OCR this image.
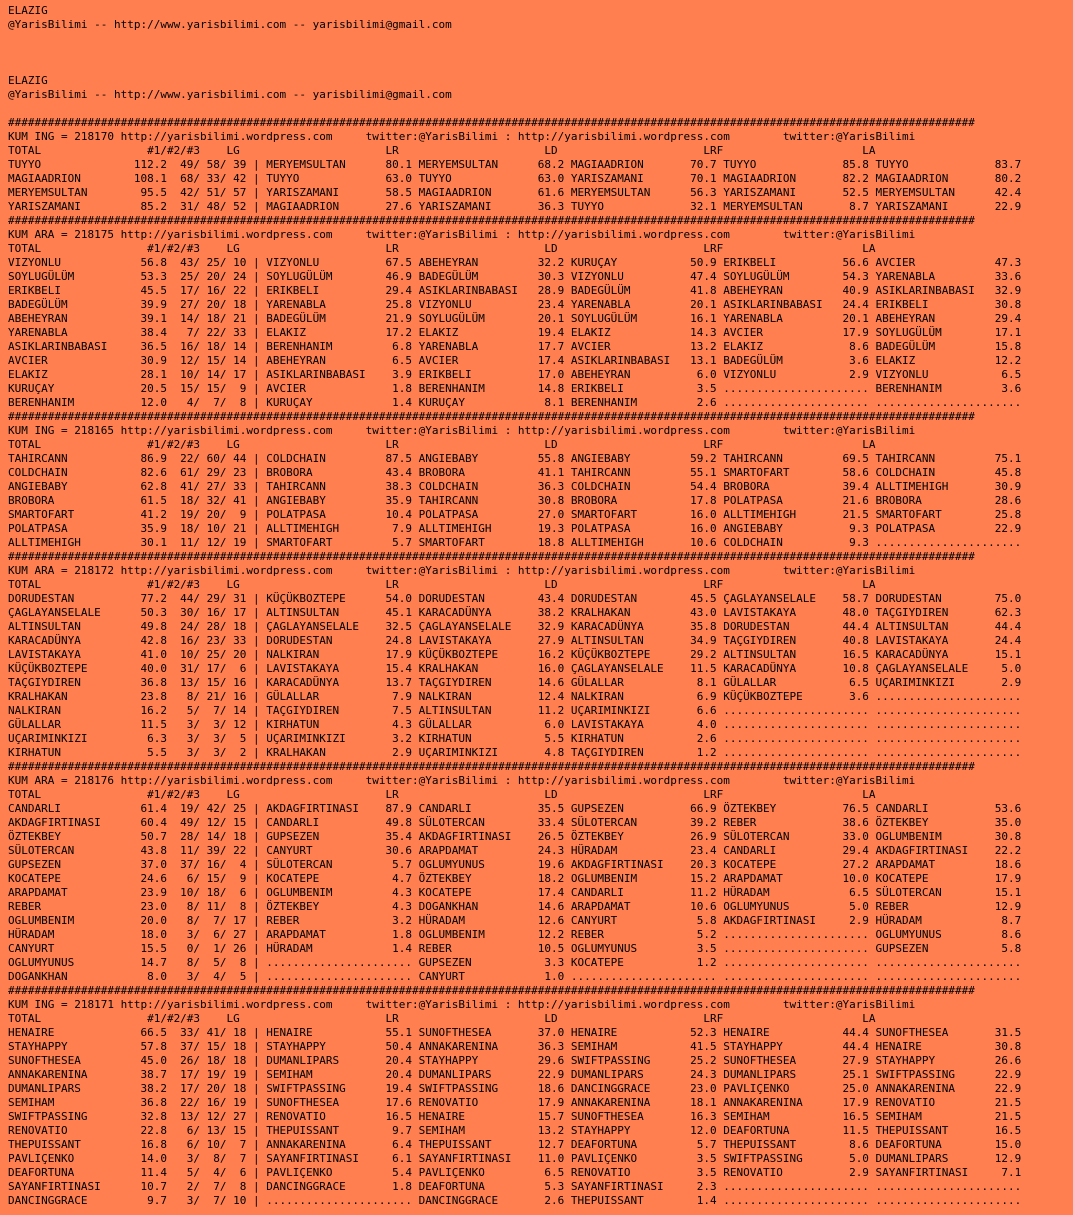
ELAZIG
@YarisBilimi -- http://www.yarisbilimi.com -- yarisbilimi@gmail.com
ELAZIG
@YarisBilimi -- http://www.yarisbilimi.com -- yarisbilimi@gmail.com
##################################################################################################################################################
KUM ING = 218170 http://yarisbilimi.wordpress.com     twitter:@YarisBilimi : http://yarisbilimi.wordpress.com        twitter:@YarisBilimi
TOTAL                #1/#2/#3    LG                      LR                      LD                      LRF                     LA
TUYYO              112.2  49/ 58/ 39 | MERYEMSULTAN      80.1 MERYEMSULTAN      68.2 MAGIAADRION       70.7 TUYYO             85.8 TUYYO             83.7
MAGIAADRION        108.1  68/ 33/ 42 | TUYYO             63.0 TUYYO             63.0 YARISZAMANI       70.1 MAGIAADRION       82.2 MAGIAADRION       80.2
MERYEMSULTAN        95.5  42/ 51/ 57 | YARISZAMANI       58.5 MAGIAADRION       61.6 MERYEMSULTAN      56.3 YARISZAMANI       52.5 MERYEMSULTAN      42.4
YARISZAMANI         85.2  31/ 48/ 52 | MAGIAADRION       27.6 YARISZAMANI       36.3 TUYYO             32.1 MERYEMSULTAN       8.7 YARISZAMANI       22.9
##################################################################################################################################################
KUM ARA = 218175 http://yarisbilimi.wordpress.com     twitter:@YarisBilimi : http://yarisbilimi.wordpress.com        twitter:@YarisBilimi
TOTAL                #1/#2/#3    LG                      LR                      LD                      LRF                     LA
VIZYONLU            56.8  43/ 25/ 10 | VIZYONLU          67.5 ABEHEYRAN         32.2 KURUÇAY           50.9 ERIKBELI          56.6 AVCIER            47.3
SOYLUGÜLÜM          53.3  25/ 20/ 24 | SOYLUGÜLÜM        46.9 BADEGÜLÜM         30.3 VIZYONLU          47.4 SOYLUGÜLÜM        54.3 YARENABLA         33.6
ERIKBELI            45.5  17/ 16/ 22 | ERIKBELI          29.4 ASIKLARINBABASI   28.9 BADEGÜLÜM         41.8 ABEHEYRAN         40.9 ASIKLARINBABASI   32.9
BADEGÜLÜM           39.9  27/ 20/ 18 | YARENABLA         25.8 VIZYONLU          23.4 YARENABLA         20.1 ASIKLARINBABASI   24.4 ERIKBELI          30.8
ABEHEYRAN           39.1  14/ 18/ 21 | BADEGÜLÜM         21.9 SOYLUGÜLÜM        20.1 SOYLUGÜLÜM        16.1 YARENABLA         20.1 ABEHEYRAN         29.4
YARENABLA           38.4   7/ 22/ 33 | ELAKIZ            17.2 ELAKIZ            19.4 ELAKIZ            14.3 AVCIER            17.9 SOYLUGÜLÜM        17.1
ASIKLARINBABASI     36.5  16/ 18/ 14 | BERENHANIM         6.8 YARENABLA         17.7 AVCIER            13.2 ELAKIZ             8.6 BADEGÜLÜM         15.8
AVCIER              30.9  12/ 15/ 14 | ABEHEYRAN          6.5 AVCIER            17.4 ASIKLARINBABASI   13.1 BADEGÜLÜM          3.6 ELAKIZ            12.2
ELAKIZ              28.1  10/ 14/ 17 | ASIKLARINBABASI    3.9 ERIKBELI          17.0 ABEHEYRAN          6.0 VIZYONLU           2.9 VIZYONLU           6.5
KURUÇAY             20.5  15/ 15/  9 | AVCIER             1.8 BERENHANIM        14.8 ERIKBELI           3.5 ...................... BERENHANIM         3.6
BERENHANIM          12.0   4/  7/  8 | KURUÇAY            1.4 KURUÇAY            8.1 BERENHANIM         2.6 ...................... ......................
##################################################################################################################################################
KUM ING = 218165 http://yarisbilimi.wordpress.com     twitter:@YarisBilimi : http://yarisbilimi.wordpress.com        twitter:@YarisBilimi
TOTAL                #1/#2/#3    LG                      LR                      LD                      LRF                     LA
TAHIRCANN           86.9  22/ 60/ 44 | COLDCHAIN         87.5 ANGIEBABY         55.8 ANGIEBABY         59.2 TAHIRCANN         69.5 TAHIRCANN         75.1
COLDCHAIN           82.6  61/ 29/ 23 | BROBORA           43.4 BROBORA           41.1 TAHIRCANN         55.1 SMARTOFART        58.6 COLDCHAIN         45.8
ANGIEBABY           62.8  41/ 27/ 33 | TAHIRCANN         38.3 COLDCHAIN         36.3 COLDCHAIN         54.4 BROBORA           39.4 ALLTIMEHIGH       30.9
BROBORA             61.5  18/ 32/ 41 | ANGIEBABY         35.9 TAHIRCANN         30.8 BROBORA           17.8 POLATPASA         21.6 BROBORA           28.6
SMARTOFART          41.2  19/ 20/  9 | POLATPASA         10.4 POLATPASA         27.0 SMARTOFART        16.0 ALLTIMEHIGH       21.5 SMARTOFART        25.8
POLATPASA           35.9  18/ 10/ 21 | ALLTIMEHIGH        7.9 ALLTIMEHIGH       19.3 POLATPASA         16.0 ANGIEBABY          9.3 POLATPASA         22.9
ALLTIMEHIGH         30.1  11/ 12/ 19 | SMARTOFART         5.7 SMARTOFART        18.8 ALLTIMEHIGH       10.6 COLDCHAIN          9.3 ......................
##################################################################################################################################################
KUM ARA = 218172 http://yarisbilimi.wordpress.com     twitter:@YarisBilimi : http://yarisbilimi.wordpress.com        twitter:@YarisBilimi
TOTAL                #1/#2/#3    LG                      LR                      LD                      LRF                     LA
DORUDESTAN          77.2  44/ 29/ 31 | KÜÇÜKBOZTEPE      54.0 DORUDESTAN        43.4 DORUDESTAN        45.5 ÇAGLAYANSELALE    58.7 DORUDESTAN        75.0
ÇAGLAYANSELALE      50.3  30/ 16/ 17 | ALTINSULTAN       45.1 KARACADÜNYA       38.2 KRALHAKAN         43.0 LAVISTAKAYA       48.0 TAÇGIYDIREN       62.3
ALTINSULTAN         49.8  24/ 28/ 18 | ÇAGLAYANSELALE    32.5 ÇAGLAYANSELALE    32.9 KARACADÜNYA       35.8 DORUDESTAN        44.4 ALTINSULTAN       44.4
KARACADÜNYA         42.8  16/ 23/ 33 | DORUDESTAN        24.8 LAVISTAKAYA       27.9 ALTINSULTAN       34.9 TAÇGIYDIREN       40.8 LAVISTAKAYA       24.4
LAVISTAKAYA         41.0  10/ 25/ 20 | NALKIRAN          17.9 KÜÇÜKBOZTEPE      16.2 KÜÇÜKBOZTEPE      29.2 ALTINSULTAN       16.5 KARACADÜNYA       15.1
KÜÇÜKBOZTEPE        40.0  31/ 17/  6 | LAVISTAKAYA       15.4 KRALHAKAN         16.0 ÇAGLAYANSELALE    11.5 KARACADÜNYA       10.8 ÇAGLAYANSELALE     5.0
TAÇGIYDIREN         36.8  13/ 15/ 16 | KARACADÜNYA       13.7 TAÇGIYDIREN       14.6 GÜLALLAR           8.1 GÜLALLAR           6.5 UÇARIMINKIZI       2.9
KRALHAKAN           23.8   8/ 21/ 16 | GÜLALLAR           7.9 NALKIRAN          12.4 NALKIRAN           6.9 KÜÇÜKBOZTEPE       3.6 ......................
NALKIRAN            16.2   5/  7/ 14 | TAÇGIYDIREN        7.5 ALTINSULTAN       11.2 UÇARIMINKIZI       6.6 ...................... ......................
GÜLALLAR            11.5   3/  3/ 12 | KIRHATUN           4.3 GÜLALLAR           6.0 LAVISTAKAYA        4.0 ...................... ......................
UÇARIMINKIZI         6.3   3/  3/  5 | UÇARIMINKIZI       3.2 KIRHATUN           5.5 KIRHATUN           2.6 ...................... ......................
KIRHATUN             5.5   3/  3/  2 | KRALHAKAN          2.9 UÇARIMINKIZI       4.8 TAÇGIYDIREN        1.2 ...................... ......................
##################################################################################################################################################
KUM ARA = 218176 http://yarisbilimi.wordpress.com     twitter:@YarisBilimi : http://yarisbilimi.wordpress.com        twitter:@YarisBilimi
TOTAL                #1/#2/#3    LG                      LR                      LD                      LRF                     LA
CANDARLI            61.4  19/ 42/ 25 | AKDAGFIRTINASI    87.9 CANDARLI          35.5 GUPSEZEN          66.9 ÖZTEKBEY          76.5 CANDARLI          53.6
AKDAGFIRTINASI      60.4  49/ 12/ 15 | CANDARLI          49.8 SÜLOTERCAN        33.4 SÜLOTERCAN        39.2 REBER             38.6 ÖZTEKBEY          35.0
ÖZTEKBEY            50.7  28/ 14/ 18 | GUPSEZEN          35.4 AKDAGFIRTINASI    26.5 ÖZTEKBEY          26.9 SÜLOTERCAN        33.0 OGLUMBENIM        30.8
SÜLOTERCAN          43.8  11/ 39/ 22 | CANYURT           30.6 ARAPDAMAT         24.3 HÜRADAM           23.4 CANDARLI          29.4 AKDAGFIRTINASI    22.2
GUPSEZEN            37.0  37/ 16/  4 | SÜLOTERCAN         5.7 OGLUMYUNUS        19.6 AKDAGFIRTINASI    20.3 KOCATEPE          27.2 ARAPDAMAT         18.6
KOCATEPE            24.6   6/ 15/  9 | KOCATEPE           4.7 ÖZTEKBEY          18.2 OGLUMBENIM        15.2 ARAPDAMAT         10.0 KOCATEPE          17.9
ARAPDAMAT           23.9  10/ 18/  6 | OGLUMBENIM         4.3 KOCATEPE          17.4 CANDARLI          11.2 HÜRADAM            6.5 SÜLOTERCAN        15.1
REBER               23.0   8/ 11/  8 | ÖZTEKBEY           4.3 DOGANKHAN         14.6 ARAPDAMAT         10.6 OGLUMYUNUS         5.0 REBER             12.9
OGLUMBENIM          20.0   8/  7/ 17 | REBER              3.2 HÜRADAM           12.6 CANYURT            5.8 AKDAGFIRTINASI     2.9 HÜRADAM            8.7
HÜRADAM             18.0   3/  6/ 27 | ARAPDAMAT          1.8 OGLUMBENIM        12.2 REBER              5.2 ...................... OGLUMYUNUS         8.6
CANYURT             15.5   0/  1/ 26 | HÜRADAM            1.4 REBER             10.5 OGLUMYUNUS         3.5 ...................... GUPSEZEN           5.8
OGLUMYUNUS          14.7   8/  5/  8 | ...................... GUPSEZEN           3.3 KOCATEPE           1.2 ...................... ......................
DOGANKHAN            8.0   3/  4/  5 | ...................... CANYURT            1.0 ...................... ...................... ......................
##################################################################################################################################################
KUM ING = 218171 http://yarisbilimi.wordpress.com     twitter:@YarisBilimi : http://yarisbilimi.wordpress.com        twitter:@YarisBilimi
TOTAL                #1/#2/#3    LG                      LR                      LD                      LRF                     LA
HENAIRE             66.5  33/ 41/ 18 | HENAIRE           55.1 SUNOFTHESEA       37.0 HENAIRE           52.3 HENAIRE           44.4 SUNOFTHESEA       31.5
STAYHAPPY           57.8  37/ 15/ 18 | STAYHAPPY         50.4 ANNAKARENINA      36.3 SEMIHAM           41.5 STAYHAPPY         44.4 HENAIRE           30.8
SUNOFTHESEA         45.0  26/ 18/ 18 | DUMANLIPARS       20.4 STAYHAPPY         29.6 SWIFTPASSING      25.2 SUNOFTHESEA       27.9 STAYHAPPY         26.6
ANNAKARENINA        38.7  17/ 19/ 19 | SEMIHAM           20.4 DUMANLIPARS       22.9 DUMANLIPARS       24.3 DUMANLIPARS       25.1 SWIFTPASSING      22.9
DUMANLIPARS         38.2  17/ 20/ 18 | SWIFTPASSING      19.4 SWIFTPASSING      18.6 DANCINGGRACE      23.0 PAVLIÇENKO        25.0 ANNAKARENINA      22.9
SEMIHAM             36.8  22/ 16/ 19 | SUNOFTHESEA       17.6 RENOVATIO         17.9 ANNAKARENINA      18.1 ANNAKARENINA      17.9 RENOVATIO         21.5
SWIFTPASSING        32.8  13/ 12/ 27 | RENOVATIO         16.5 HENAIRE           15.7 SUNOFTHESEA       16.3 SEMIHAM           16.5 SEMIHAM           21.5
RENOVATIO           22.8   6/ 13/ 15 | THEPUISSANT        9.7 SEMIHAM           13.2 STAYHAPPY         12.0 DEAFORTUNA        11.5 THEPUISSANT       16.5
THEPUISSANT         16.8   6/ 10/  7 | ANNAKARENINA       6.4 THEPUISSANT       12.7 DEAFORTUNA         5.7 THEPUISSANT        8.6 DEAFORTUNA        15.0
PAVLIÇENKO          14.0   3/  8/  7 | SAYANFIRTINASI     6.1 SAYANFIRTINASI    11.0 PAVLIÇENKO         3.5 SWIFTPASSING       5.0 DUMANLIPARS       12.9
DEAFORTUNA          11.4   5/  4/  6 | PAVLIÇENKO         5.4 PAVLIÇENKO         6.5 RENOVATIO          3.5 RENOVATIO          2.9 SAYANFIRTINASI     7.1
SAYANFIRTINASI      10.7   2/  7/  8 | DANCINGGRACE       1.8 DEAFORTUNA         5.3 SAYANFIRTINASI     2.3 ...................... ......................
DANCINGGRACE         9.7   3/  7/ 10 | ...................... DANCINGGRACE       2.6 THEPUISSANT        1.4 ...................... ......................
